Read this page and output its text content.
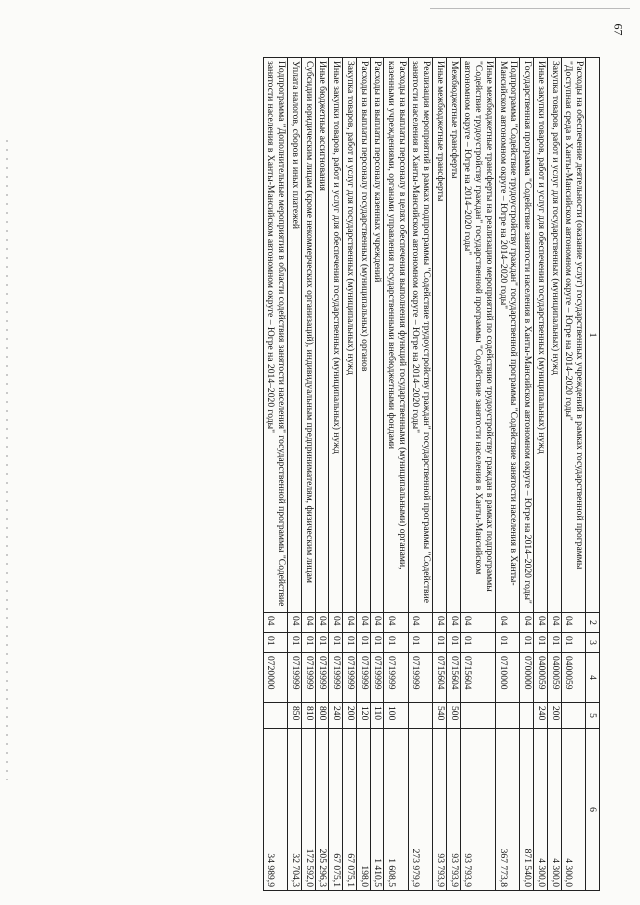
67
1	2	3	4	5	6
Расходы на обеспечение деятельности (оказание услуг) государственных учреждений в рамках государственной программы "Доступная среда в Ханты-Мансийском автономном округе – Югре на 2014–2020 годы"	04	01	0400059		4 300,0
Закупка товаров, работ и услуг для государственных (муниципальных) нужд	04	01	0400059	200	4 300,0
Иные закупки товаров, работ и услуг для обеспечения государственных (муниципальных) нужд	04	01	0400059	240	4 300,0
Государственная программа "Содействие занятости населения в Ханты-Мансийском автономном округе – Югре на 2014–2020 годы"	04	01	0700000		871 540,0
Подпрограмма "Содействие трудоустройству граждан" государственной программы "Содействие занятости населения в Ханты-Мансийском автономном округе – Югре на 2014–2020 годы"	04	01	0710000		367 773,8
Иные межбюджетные трансферты на реализацию мероприятий по содействию трудоустройству граждан в рамках подпрограммы "Содействие трудоустройству граждан" государственной программы "Содействие занятости населения в Ханты-Мансийском автономном округе – Югре на 2014–2020 годы"	04	01	0715604		93 793,9
Межбюджетные трансферты	04	01	0715604	500	93 793,9
Иные межбюджетные трансферты	04	01	0715604	540	93 793,9
Реализация мероприятий в рамках подпрограммы "Содействие трудоустройству граждан" государственной программы "Содействие занятости населения в Ханты-Мансийском автономном округе – Югре на 2014–2020 годы"	04	01	0719999		273 979,9
Расходы на выплаты персоналу в целях обеспечения выполнения функций государственными (муниципальными) органами, казенными учреждениями, органами управления государственными внебюджетными фондами	04	01	0719999	100	1 608,5
Расходы на выплаты персоналу казенных учреждений	04	01	0719999	110	1 410,5
Расходы на выплаты персоналу государственных (муниципальных) органов	04	01	0719999	120	198,0
Закупка товаров, работ и услуг для государственных (муниципальных) нужд	04	01	0719999	200	67 075,1
Иные закупки товаров, работ и услуг для обеспечения государственных (муниципальных) нужд	04	01	0719999	240	67 075,1
Иные бюджетные ассигнования	04	01	0719999	800	205 296,3
Субсидии юридическим лицам (кроме некоммерческих организаций), индивидуальным предпринимателям, физическим лицам	04	01	0719999	810	172 592,0
Уплата налогов, сборов и иных платежей	04	01	0719999	850	32 704,3
Подпрограмма "Дополнительные мероприятия в области содействия занятости населения" государственной программы "Содействие занятости населения в Ханты-Мансийском автономном округе – Югре на 2014–2020 годы"	04	01	0720000		34 989,9
